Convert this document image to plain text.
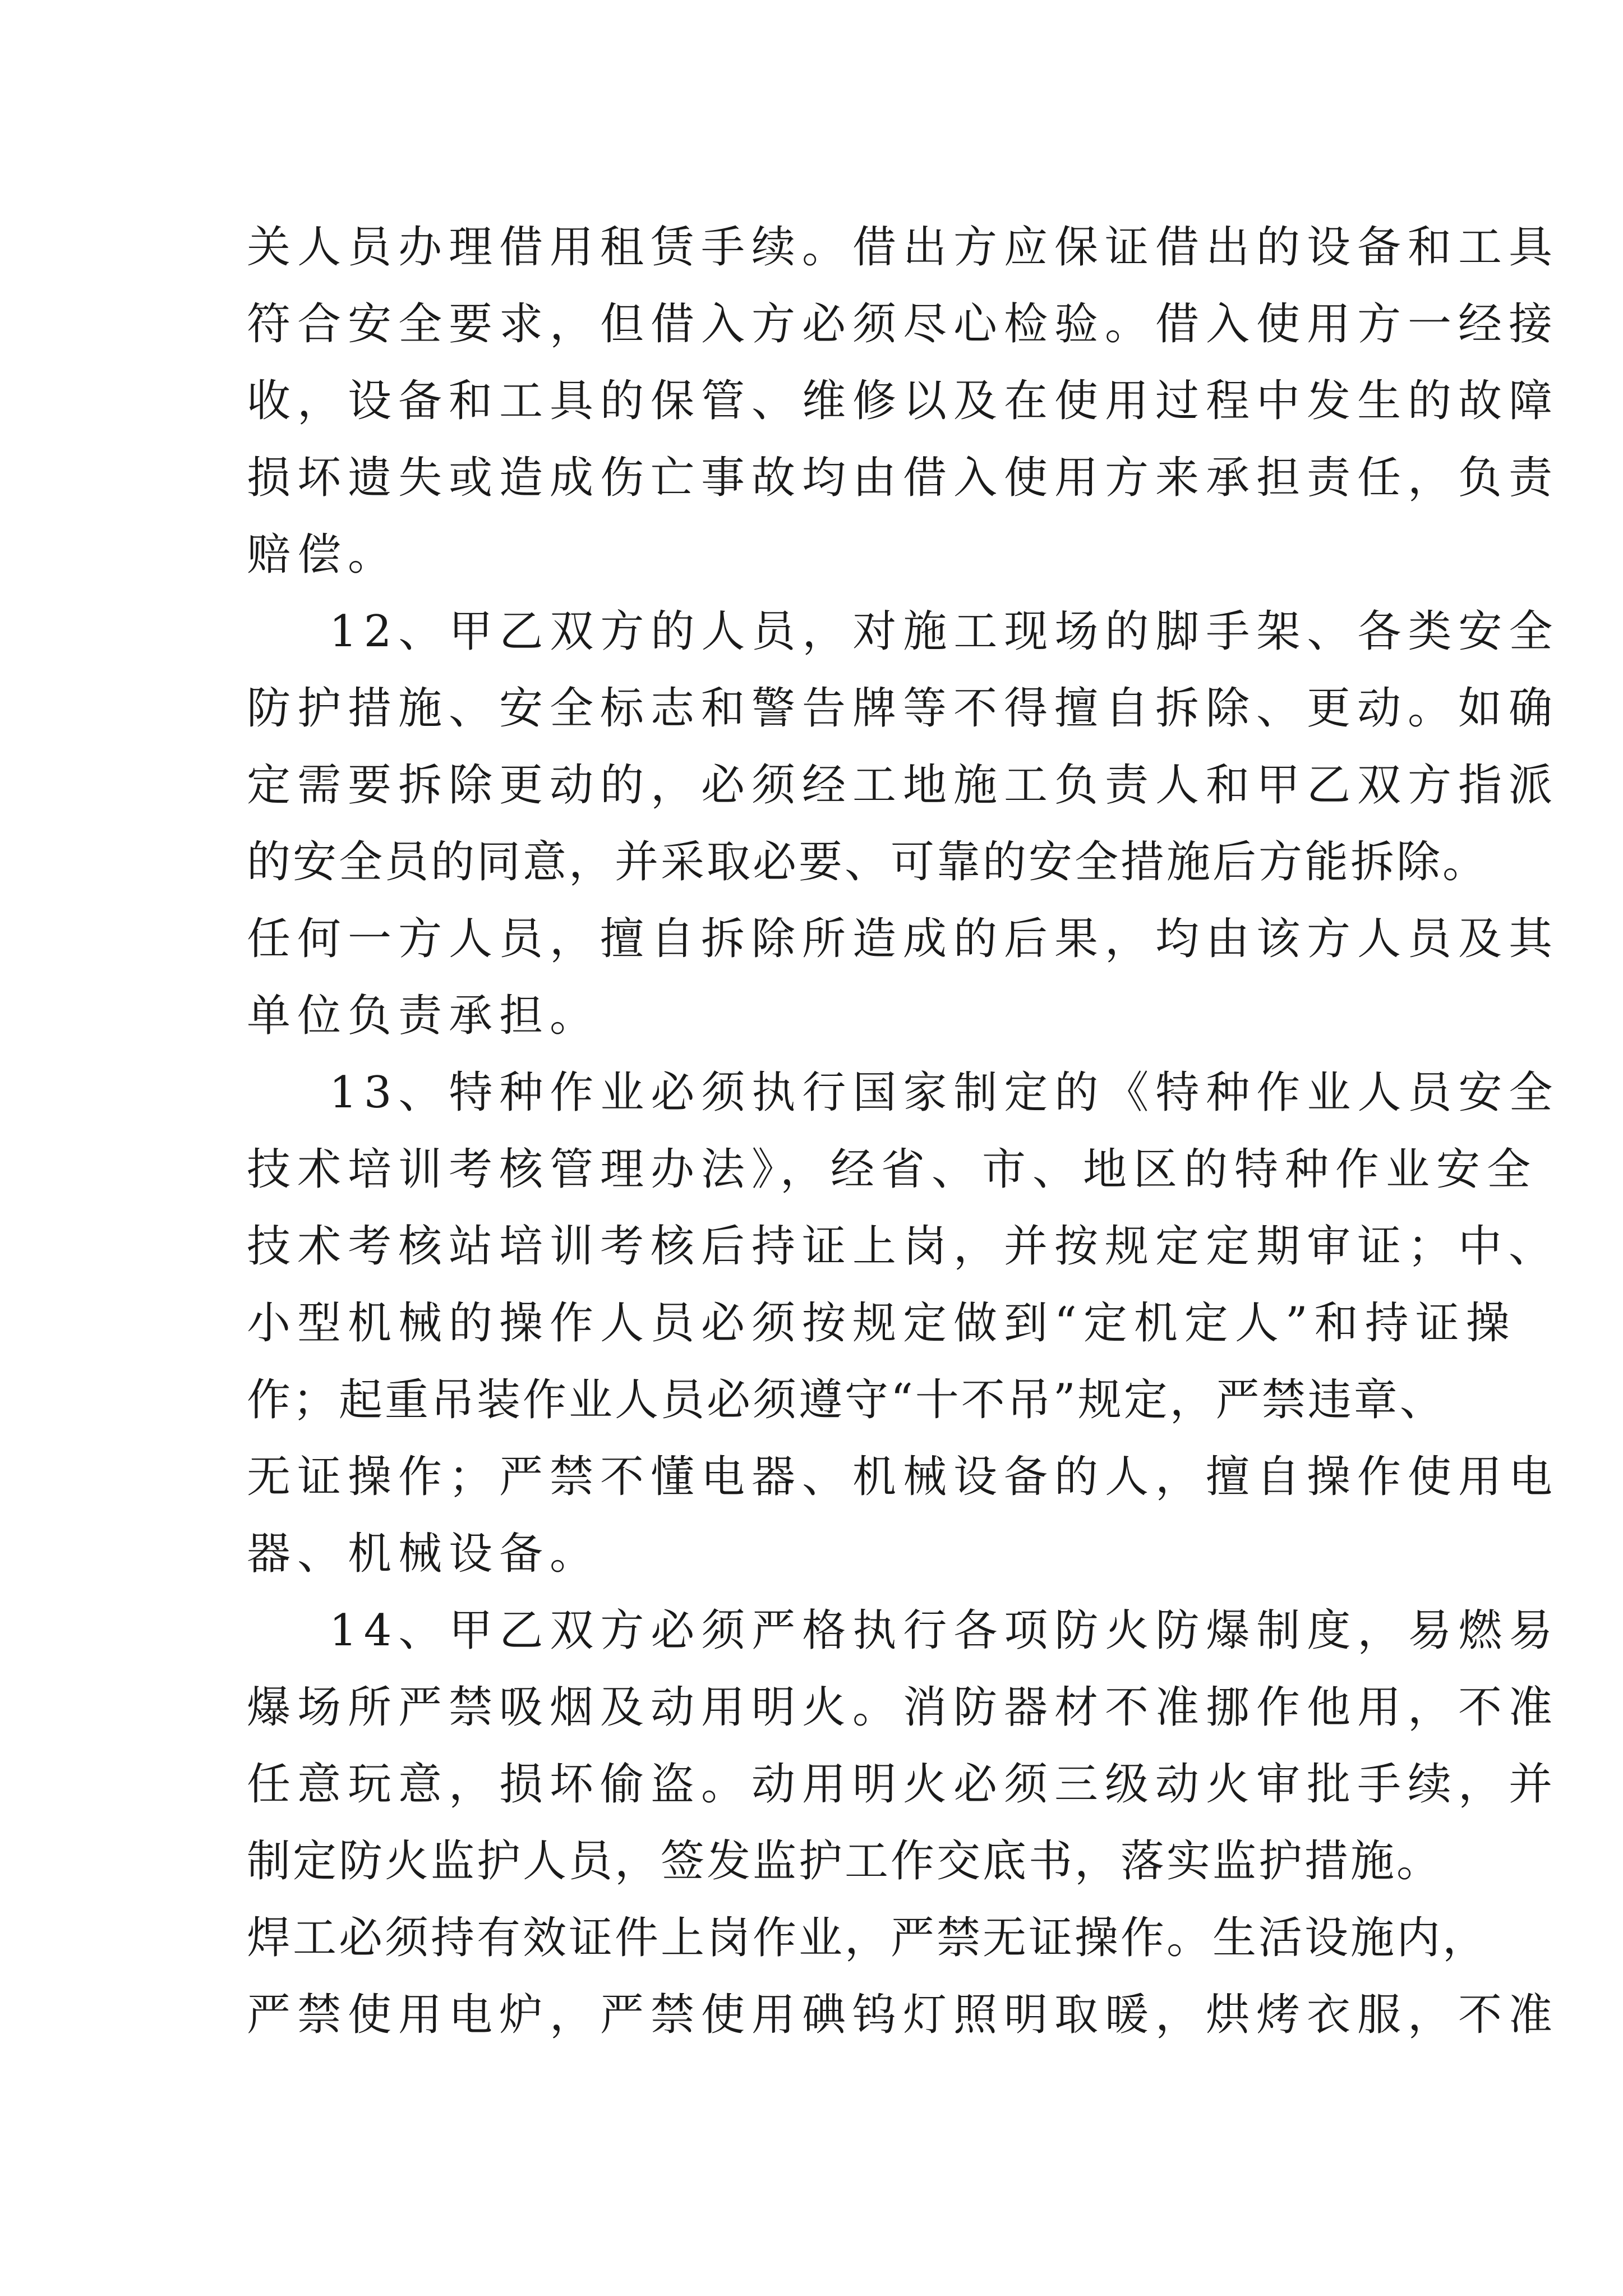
关人员办理借用租赁手续。借出方应保证借出的设备和工具
符合安全要求，但借入方必须尽心检验。借入使用方一经接
收，设备和工具的保管、维修以及在使用过程中发生的故障
损坏遗失或造成伤亡事故均由借入使用方来承担责任，负责
赔偿。
12、甲乙双方的人员，对施工现场的脚手架、各类安全
防护措施、安全标志和警告牌等不得擅自拆除、更动。如确
定需要拆除更动的，必须经工地施工负责人和甲乙双方指派
的安全员的同意，并采取必要、可靠的安全措施后方能拆除。
任何一方人员，擅自拆除所造成的后果，均由该方人员及其
单位负责承担。
13、特种作业必须执行国家制定的《特种作业人员安全
技术培训考核管理办法》，经省、市、地区的特种作业安全
技术考核站培训考核后持证上岗，并按规定定期审证；中、
小型机械的操作人员必须按规定做到“定机定人”和持证操
作；起重吊装作业人员必须遵守“十不吊”规定，严禁违章、
无证操作；严禁不懂电器、机械设备的人，擅自操作使用电
器、机械设备。
14、甲乙双方必须严格执行各项防火防爆制度，易燃易
爆场所严禁吸烟及动用明火。消防器材不准挪作他用，不准
任意玩意，损坏偷盗。动用明火必须三级动火审批手续，并
制定防火监护人员，签发监护工作交底书，落实监护措施。
焊工必须持有效证件上岗作业，严禁无证操作。生活设施内，
严禁使用电炉，严禁使用碘钨灯照明取暖，烘烤衣服，不准
